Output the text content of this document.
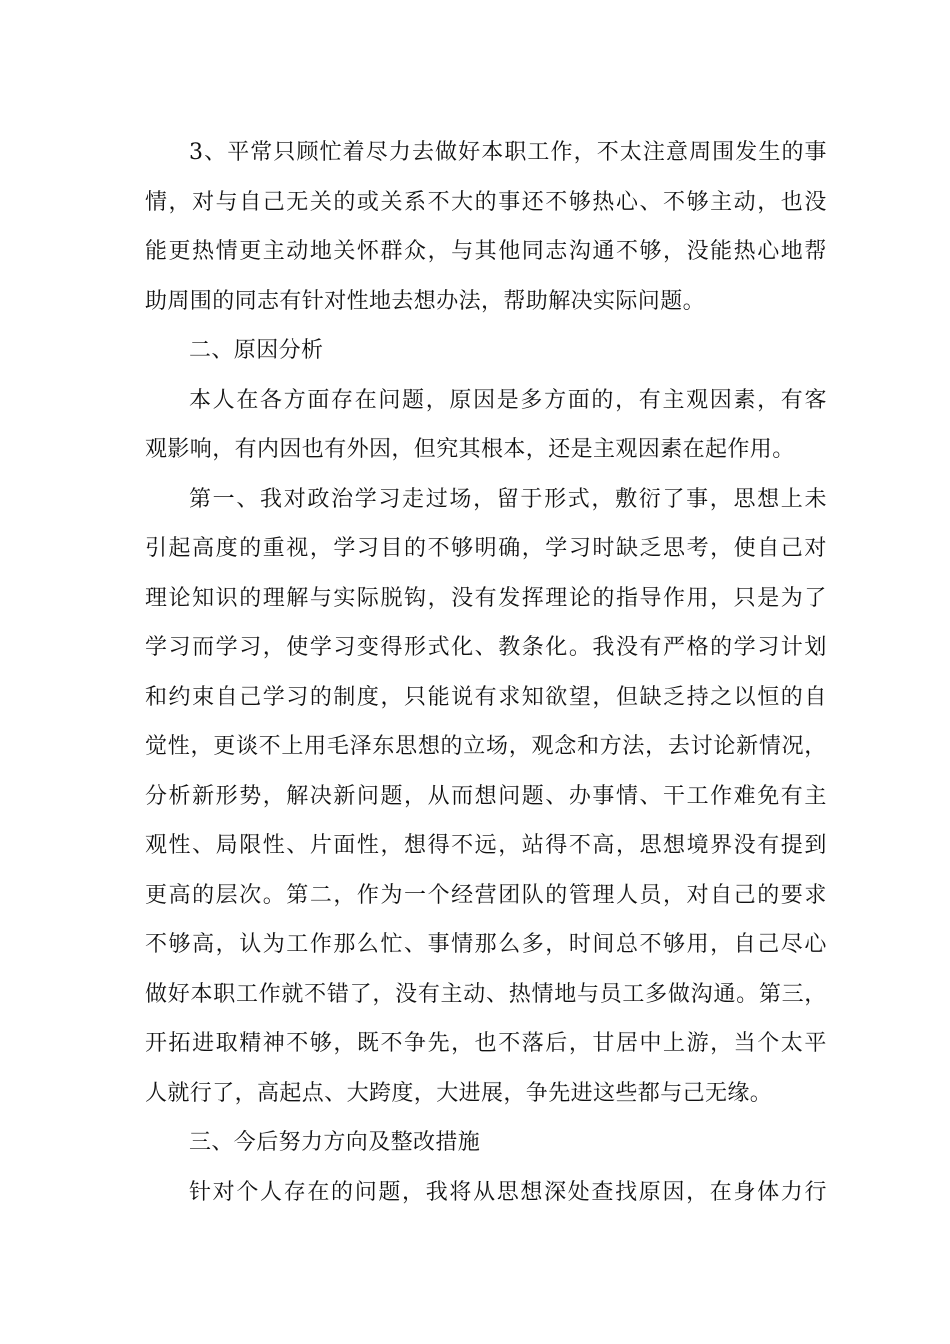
3 、 平 常 只 顾 忙 着 尽 力 去 做 好 本 职 工 作 ， 不 太 注 意 周 围 发 生 的 事
情 ， 对 与 自 己 无 关 的 或 关 系 不 大 的 事 还 不 够 热 心 、 不 够 主 动 ， 也 没
能 更 热 情 更 主 动 地 关 怀 群 众 ， 与 其 他 同 志 沟 通 不 够 ， 没 能 热 心 地 帮
助周围的同志有针对性地去想办法，帮助解决实际问题。
二、原因分析
本 人 在 各 方 面 存 在 问 题 ， 原 因 是 多 方 面 的 ， 有 主 观 因 素 ， 有 客
观影响，有内因也有外因，但究其根本，还是主观因素在起作用。
第 一 、 我 对 政 治 学 习 走 过 场 ， 留 于 形 式 ， 敷 衍 了 事 ， 思 想 上 未
引 起 高 度 的 重 视 ， 学 习 目 的 不 够 明 确 ， 学 习 时 缺 乏 思 考 ， 使 自 己 对
理 论 知 识 的 理 解 与 实 际 脱 钩 ， 没 有 发 挥 理 论 的 指 导 作 用 ， 只 是 为 了
学 习 而 学 习 ， 使 学 习 变 得 形 式 化 、 教 条 化 。 我 没 有 严 格 的 学 习 计 划
和 约 束 自 己 学 习 的 制 度 ， 只 能 说 有 求 知 欲 望 ， 但 缺 乏 持 之 以 恒 的 自
觉 性 ， 更 谈 不 上 用 毛 泽 东 思 想 的 立 场 ， 观 念 和 方 法 ， 去 讨 论 新 情 况 ，
分 析 新 形 势 ， 解 决 新 问 题 ， 从 而 想 问 题 、 办 事 情 、 干 工 作 难 免 有 主
观 性 、 局 限 性 、 片 面 性 ， 想 得 不 远 ， 站 得 不 高 ， 思 想 境 界 没 有 提 到
更 高 的 层 次 。 第 二 ， 作 为 一 个 经 营 团 队 的 管 理 人 员 ， 对 自 己 的 要 求
不 够 高 ， 认 为 工 作 那 么 忙 、 事 情 那 么 多 ， 时 间 总 不 够 用 ， 自 己 尽 心
做 好 本 职 工 作 就 不 错 了 ， 没 有 主 动 、 热 情 地 与 员 工 多 做 沟 通 。 第 三 ，
开 拓 进 取 精 神 不 够 ， 既 不 争 先 ， 也 不 落 后 ， 甘 居 中 上 游 ， 当 个 太 平
人就行了，高起点、大跨度，大进展，争先进这些都与己无缘。
三、今后努力方向及整改措施
针 对 个 人 存 在 的 问 题 ， 我 将 从 思 想 深 处 查 找 原 因 ， 在 身 体 力 行
